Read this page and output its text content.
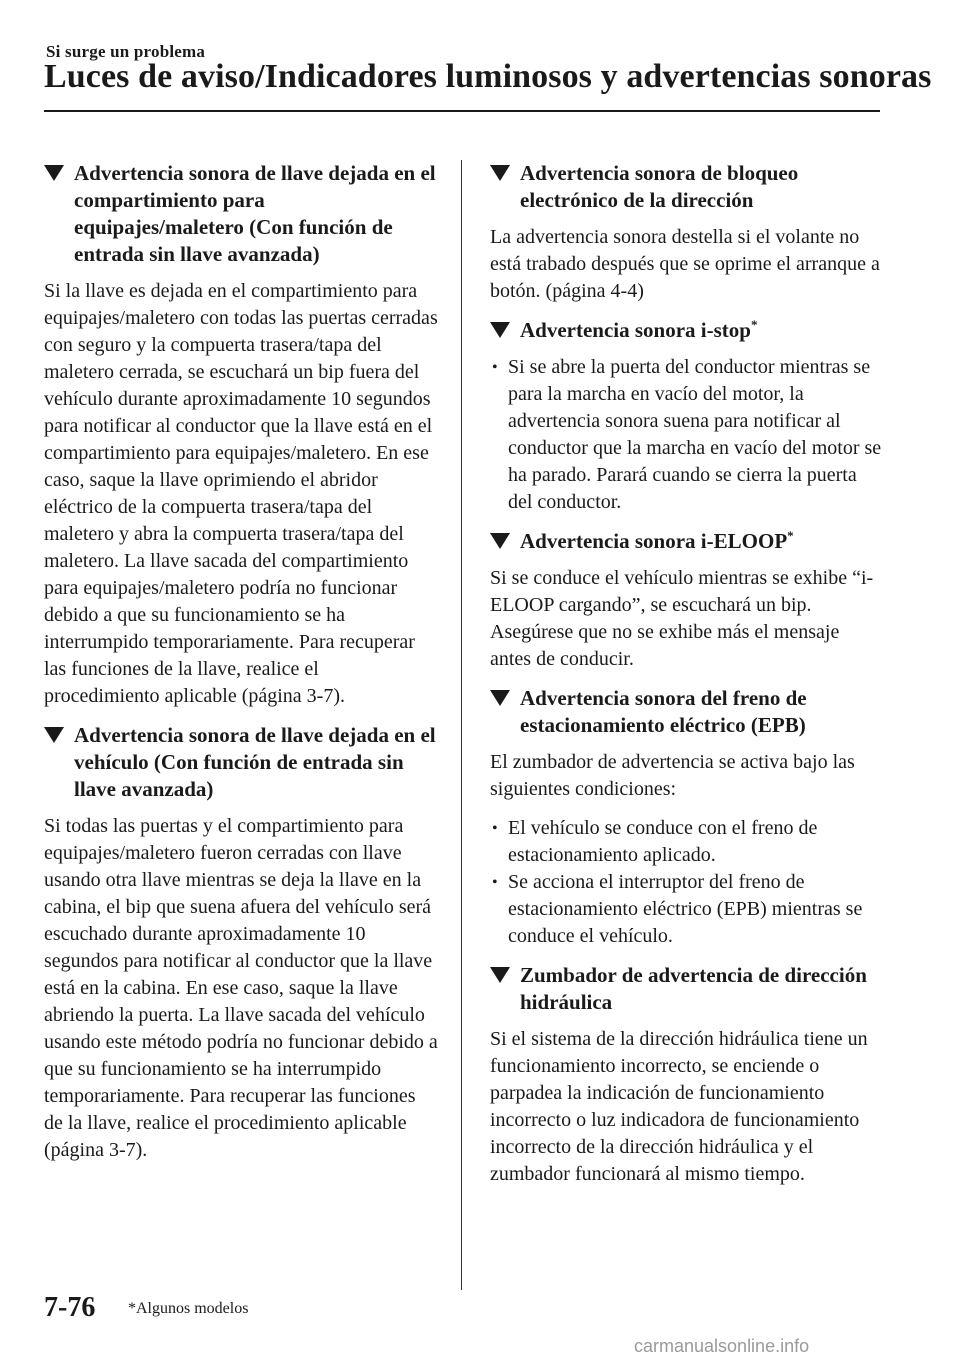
Si surge un problema
Luces de aviso/Indicadores luminosos y advertencias sonoras
Advertencia sonora de llave dejada en el compartimiento para equipajes/maletero (Con función de entrada sin llave avanzada)

Si la llave es dejada en el compartimiento para equipajes/maletero con todas las puertas cerradas con seguro y la compuerta trasera/tapa del maletero cerrada, se escuchará un bip fuera del vehículo durante aproximadamente 10 segundos para notificar al conductor que la llave está en el compartimiento para equipajes/maletero. En ese caso, saque la llave oprimiendo el abridor eléctrico de la compuerta trasera/tapa del maletero y abra la compuerta trasera/tapa del maletero. La llave sacada del compartimiento para equipajes/maletero podría no funcionar debido a que su funcionamiento se ha interrumpido temporariamente. Para recuperar las funciones de la llave, realice el procedimiento aplicable (página 3-7).

Advertencia sonora de llave dejada en el vehículo (Con función de entrada sin llave avanzada)

Si todas las puertas y el compartimiento para equipajes/maletero fueron cerradas con llave usando otra llave mientras se deja la llave en la cabina, el bip que suena afuera del vehículo será escuchado durante aproximadamente 10 segundos para notificar al conductor que la llave está en la cabina. En ese caso, saque la llave abriendo la puerta. La llave sacada del vehículo usando este método podría no funcionar debido a que su funcionamiento se ha interrumpido temporariamente. Para recuperar las funciones de la llave, realice el procedimiento aplicable (página 3-7).

Advertencia sonora de bloqueo electrónico de la dirección

La advertencia sonora destella si el volante no está trabado después que se oprime el arranque a botón. (página 4-4)

Advertencia sonora i-stop*

• Si se abre la puerta del conductor mientras se para la marcha en vacío del motor, la advertencia sonora suena para notificar al conductor que la marcha en vacío del motor se ha parado. Parará cuando se cierra la puerta del conductor.

Advertencia sonora i-ELOOP*

Si se conduce el vehículo mientras se exhibe “i-ELOOP cargando”, se escuchará un bip. Asegúrese que no se exhibe más el mensaje antes de conducir.

Advertencia sonora del freno de estacionamiento eléctrico (EPB)

El zumbador de advertencia se activa bajo las siguientes condiciones:

• El vehículo se conduce con el freno de estacionamiento aplicado.

• Se acciona el interruptor del freno de estacionamiento eléctrico (EPB) mientras se conduce el vehículo.

Zumbador de advertencia de dirección hidráulica

Si el sistema de la dirección hidráulica tiene un funcionamiento incorrecto, se enciende o parpadea la indicación de funcionamiento incorrecto o luz indicadora de funcionamiento incorrecto de la dirección hidráulica y el zumbador funcionará al mismo tiempo.

7-76 *Algunos modelos
carmanualsonline.info
